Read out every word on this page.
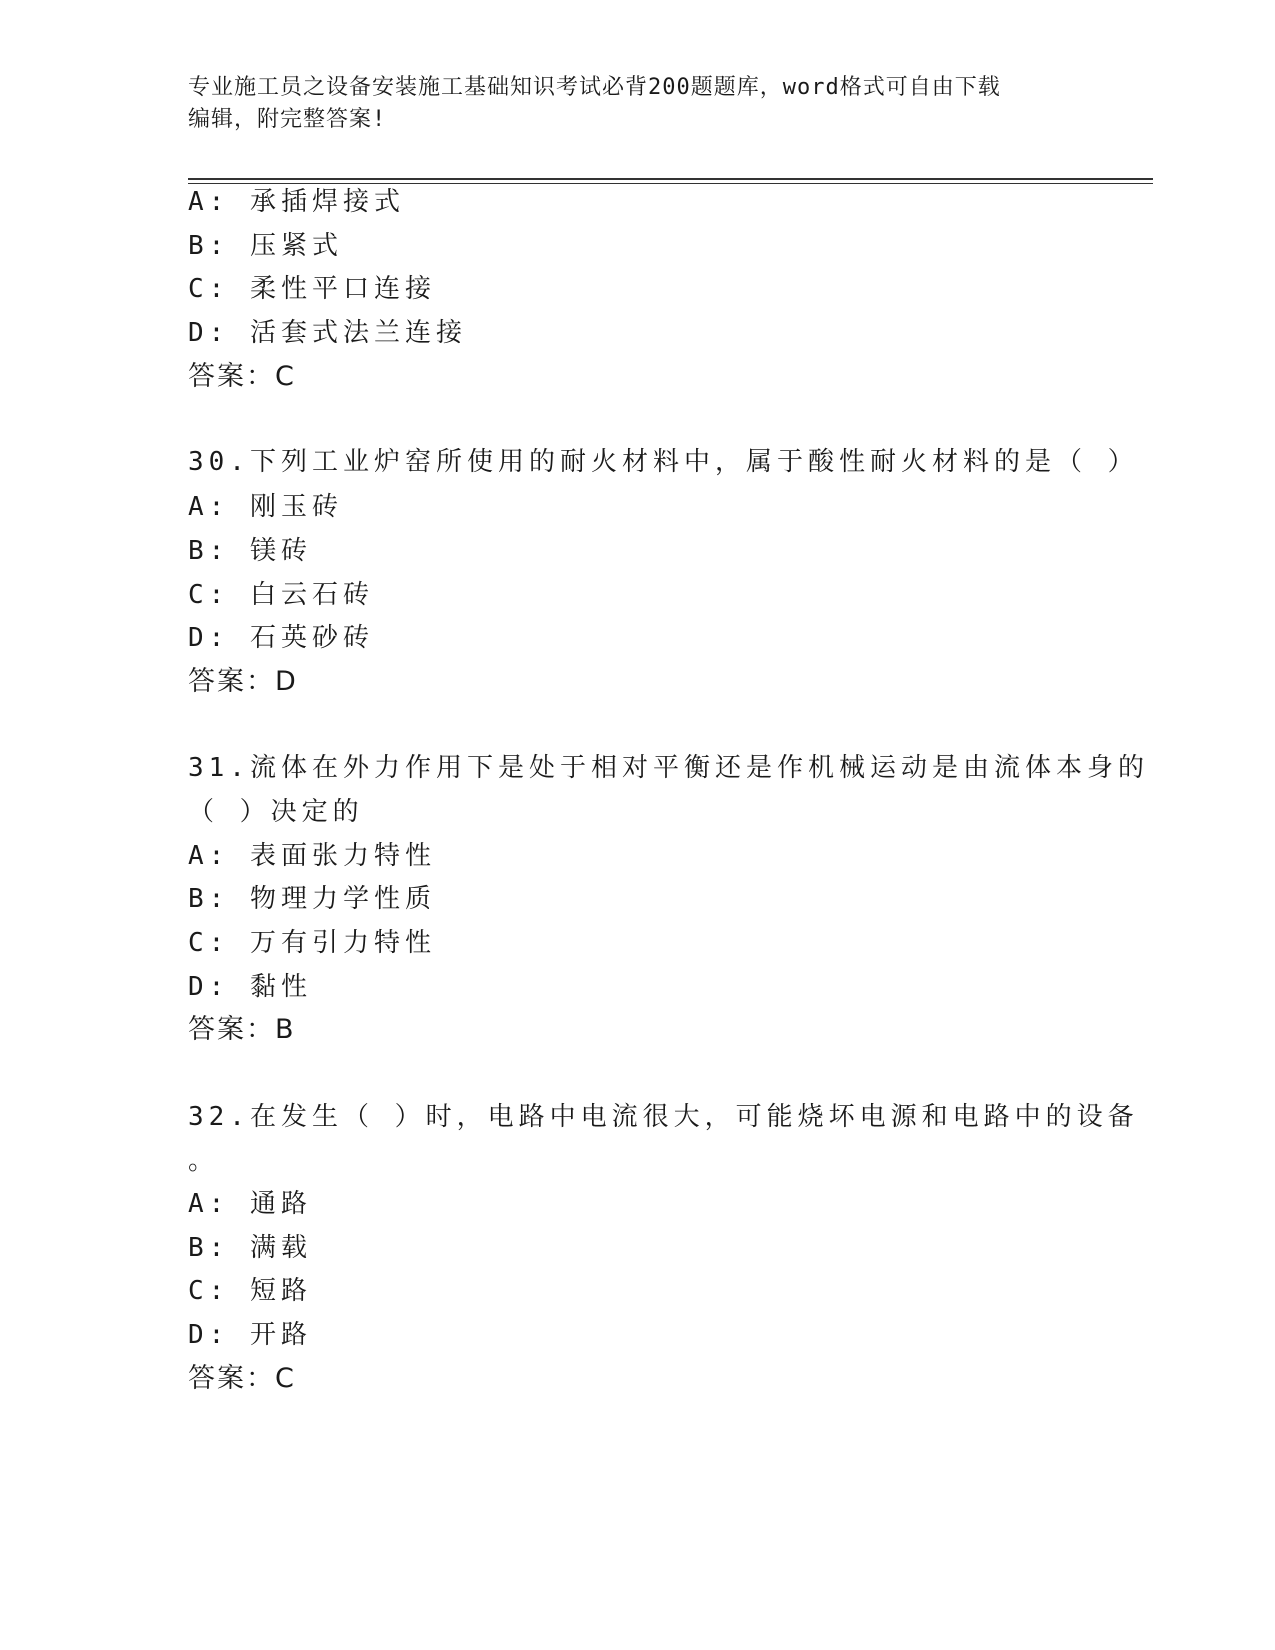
专业施工员之设备安装施工基础知识考试必背200题题库，word格式可自由下载
编辑，附完整答案!
A: 承插焊接式
B: 压紧式
C: 柔性平口连接
D: 活套式法兰连接
答案：C
30.下列工业炉窑所使用的耐火材料中，属于酸性耐火材料的是（ ）
A: 刚玉砖
B: 镁砖
C: 白云石砖
D: 石英砂砖
答案：D
31.流体在外力作用下是处于相对平衡还是作机械运动是由流体本身的
（ ）决定的
A: 表面张力特性
B: 物理力学性质
C: 万有引力特性
D: 黏性
答案：B
32.在发生（ ）时，电路中电流很大，可能烧坏电源和电路中的设备
。
A: 通路
B: 满载
C: 短路
D: 开路
答案：C
